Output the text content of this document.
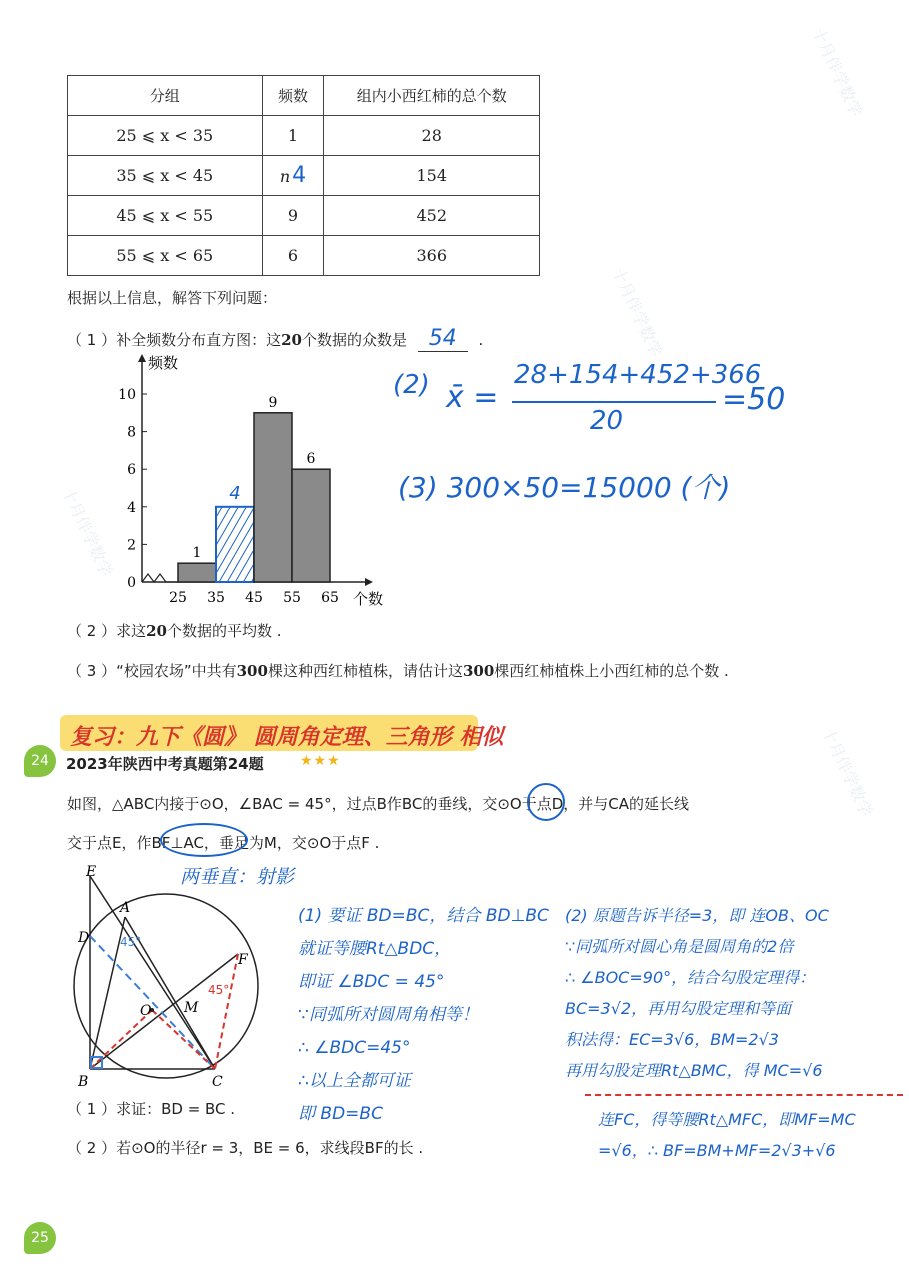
十月伴学数学
十月伴学数学
十月伴学数学
十月伴学数学
分组	频数	组内小西红柿的总个数
25 ⩽ x < 35	1	28
35 ⩽ x < 45	n4	154
45 ⩽ x < 55	9	452
55 ⩽ x < 65	6	366
根据以上信息，解答下列问题：
（ 1 ）补全频数分布直方图：这20个数据的众数是 54 .
0
2
4
6
8
10
25 35 45 55 65
频数
个数
1
4
9
6
(2) x̄ =
28+154+452+366
20
=50
(3) 300×50=15000 (个)
（ 2 ）求这20个数据的平均数 .
（ 3 ）“校园农场”中共有300棵这种西红柿植株，请估计这300棵西红柿植株上小西红柿的总个数 .
复习：九下《圆》 圆周角定理、三角形 相似
24	2023年陕西中考真题第24题	★★★
如图，△ABC内接于⊙O，∠BAC = 45°，过点B作BC的垂线，交⊙O于点D，并与CA的延长线
交于点E，作BF⊥AC，垂足为M，交⊙O于点F .
两垂直：射影
E
A
D
F
O M
B	C
45°
45°
（ 1 ）求证：BD = BC .
（ 2 ）若⊙O的半径r = 3，BE = 6，求线段BF的长 .
(1) 要证 BD=BC，结合 BD⊥BC
就证等腰Rt△BDC，
即证 ∠BDC = 45°
∵同弧所对圆周角相等！
∴ ∠BDC=45°
∴以上全都可证
即 BD=BC
(2) 原题告诉半径=3，即 连OB、OC
∵同弧所对圆心角是圆周角的2倍
∴ ∠BOC=90°，结合勾股定理得：
BC=3√2，再用勾股定理和等面
积法得：EC=3√6，BM=2√3
再用勾股定理Rt△BMC，得 MC=√6
连FC，得等腰Rt△MFC，即MF=MC
=√6，∴ BF=BM+MF=2√3+√6
25
